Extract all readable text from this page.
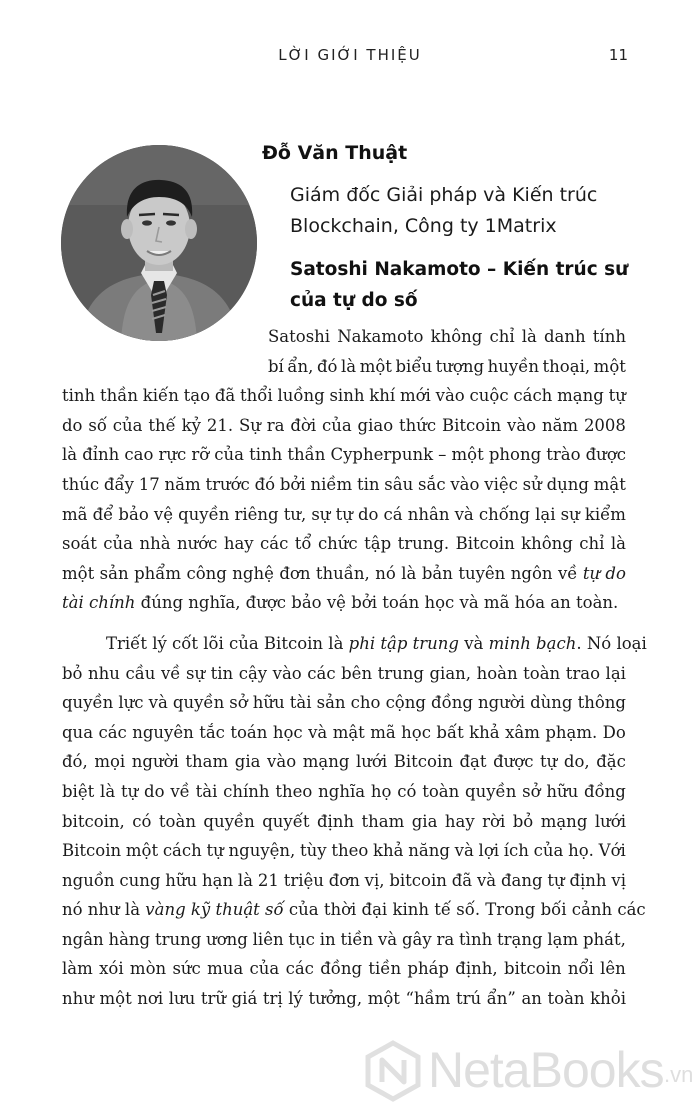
LỜI GIỚI THIỆU	11
Đỗ Văn Thuật
Giám đốc Giải pháp và Kiến trúc
Blockchain, Công ty 1Matrix
Satoshi Nakamoto – Kiến trúc sư
của tự do số
Satoshi Nakamoto không chỉ là danh tính
bí ẩn, đó là một biểu tượng huyền thoại, một
tinh thần kiến tạo đã thổi luồng sinh khí mới vào cuộc cách mạng tự
do số của thế kỷ 21. Sự ra đời của giao thức Bitcoin vào năm 2008
là đỉnh cao rực rỡ của tinh thần Cypherpunk – một phong trào được
thúc đẩy 17 năm trước đó bởi niềm tin sâu sắc vào việc sử dụng mật
mã để bảo vệ quyền riêng tư, sự tự do cá nhân và chống lại sự kiểm
soát của nhà nước hay các tổ chức tập trung. Bitcoin không chỉ là
một sản phẩm công nghệ đơn thuần, nó là bản tuyên ngôn về tự do
tài chính đúng nghĩa, được bảo vệ bởi toán học và mã hóa an toàn.
Triết lý cốt lõi của Bitcoin là phi tập trung và minh bạch. Nó loại
bỏ nhu cầu về sự tin cậy vào các bên trung gian, hoàn toàn trao lại
quyền lực và quyền sở hữu tài sản cho cộng đồng người dùng thông
qua các nguyên tắc toán học và mật mã học bất khả xâm phạm. Do
đó, mọi người tham gia vào mạng lưới Bitcoin đạt được tự do, đặc
biệt là tự do về tài chính theo nghĩa họ có toàn quyền sở hữu đồng
bitcoin, có toàn quyền quyết định tham gia hay rời bỏ mạng lưới
Bitcoin một cách tự nguyện, tùy theo khả năng và lợi ích của họ. Với
nguồn cung hữu hạn là 21 triệu đơn vị, bitcoin đã và đang tự định vị
nó như là vàng kỹ thuật số của thời đại kinh tế số. Trong bối cảnh các
ngân hàng trung ương liên tục in tiền và gây ra tình trạng lạm phát,
làm xói mòn sức mua của các đồng tiền pháp định, bitcoin nổi lên
như một nơi lưu trữ giá trị lý tưởng, một “hầm trú ẩn” an toàn khỏi
NetaBooks .vn
